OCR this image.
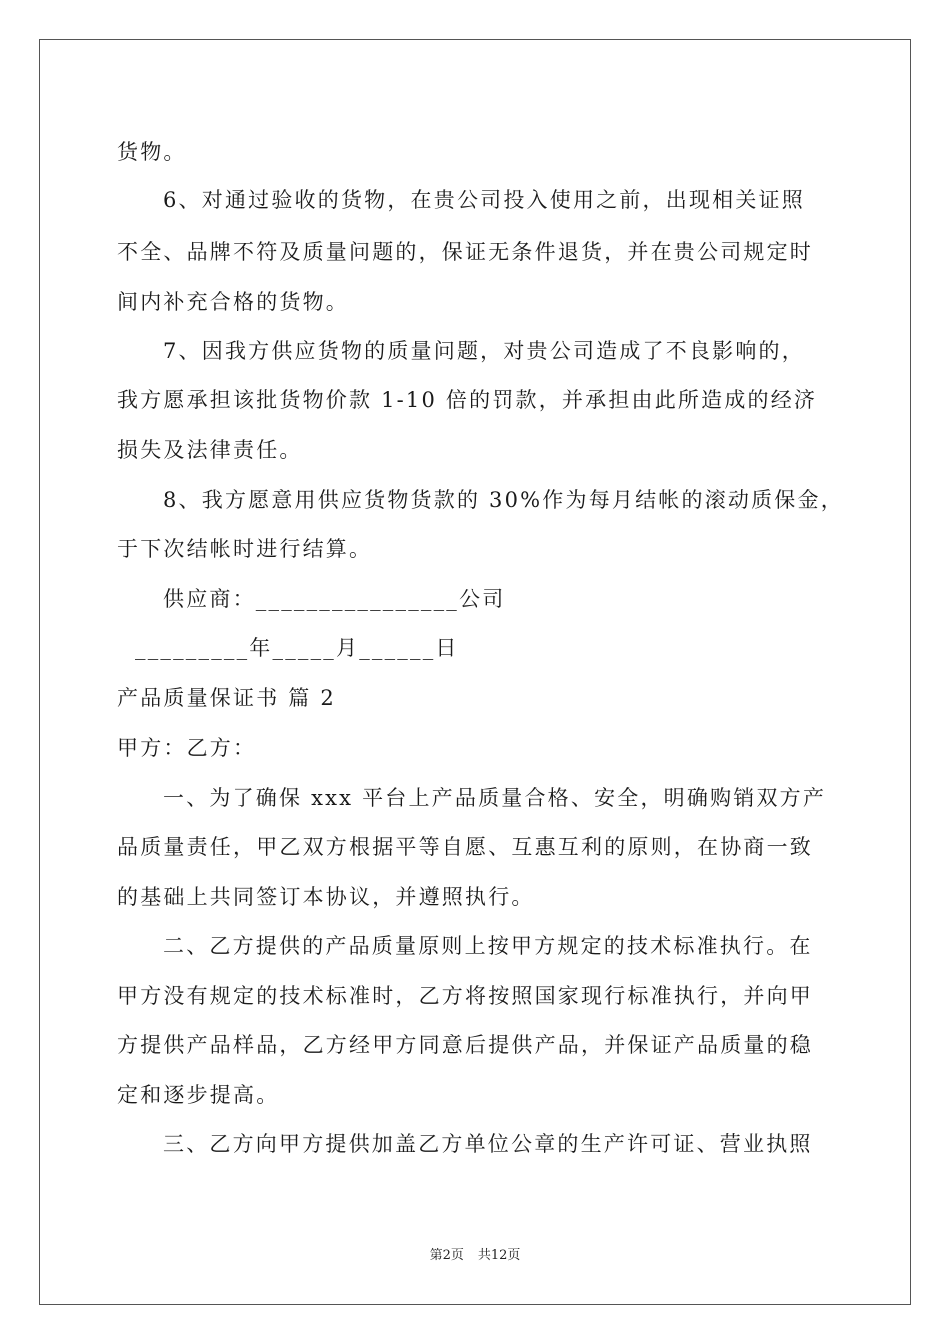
货物。
6、对通过验收的货物，在贵公司投入使用之前，出现相关证照
不全、品牌不符及质量问题的，保证无条件退货，并在贵公司规定时
间内补充合格的货物。
7、因我方供应货物的质量问题，对贵公司造成了不良影响的，
我方愿承担该批货物价款 1-10 倍的罚款，并承担由此所造成的经济
损失及法律责任。
8、我方愿意用供应货物货款的 30%作为每月结帐的滚动质保金，
于下次结帐时进行结算。
供应商：________________公司
_________年_____月______日
产品质量保证书 篇 2
甲方：乙方：
一、为了确保 xxx 平台上产品质量合格、安全，明确购销双方产
品质量责任，甲乙双方根据平等自愿、互惠互利的原则，在协商一致
的基础上共同签订本协议，并遵照执行。
二、乙方提供的产品质量原则上按甲方规定的技术标准执行。在
甲方没有规定的技术标准时，乙方将按照国家现行标准执行，并向甲
方提供产品样品，乙方经甲方同意后提供产品，并保证产品质量的稳
定和逐步提高。
三、乙方向甲方提供加盖乙方单位公章的生产许可证、营业执照
第2页 共12页
